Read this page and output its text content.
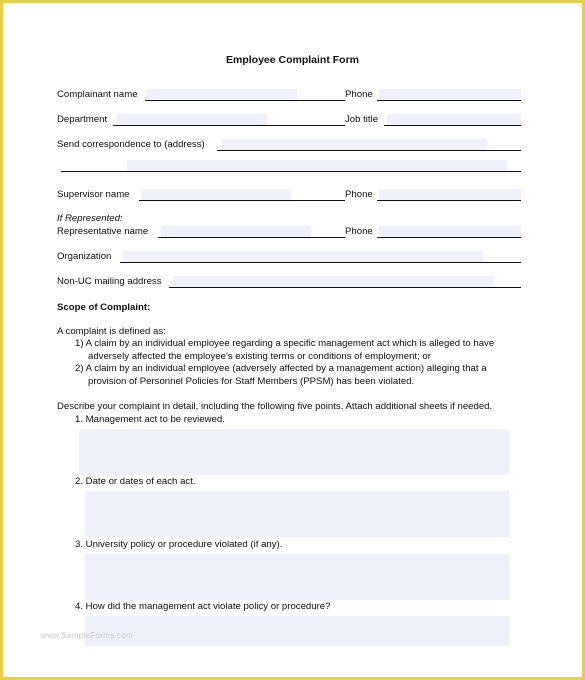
Employee Complaint Form
Complainant name	Phone
Department	Job title
Send correspondence to (address)
Supervisor name	Phone
If Represented:
Representative name	Phone
Organization
Non-UC mailing address
Scope of Complaint:
A complaint is defined as:
1) A claim by an individual employee regarding a specific management act which is alleged to have
adversely affected the employee's existing terms or conditions of employment; or
2) A claim by an individual employee (adversely affected by a management action) alleging that a
provision of Personnel Policies for Staff Members (PPSM) has been violated.
Describe your complaint in detail, including the following five points. Attach additional sheets if needed.
1. Management act to be reviewed.
2. Date or dates of each act.
3. University policy or procedure violated (if any).
4. How did the management act violate policy or procedure?
www.SampleForms.com
